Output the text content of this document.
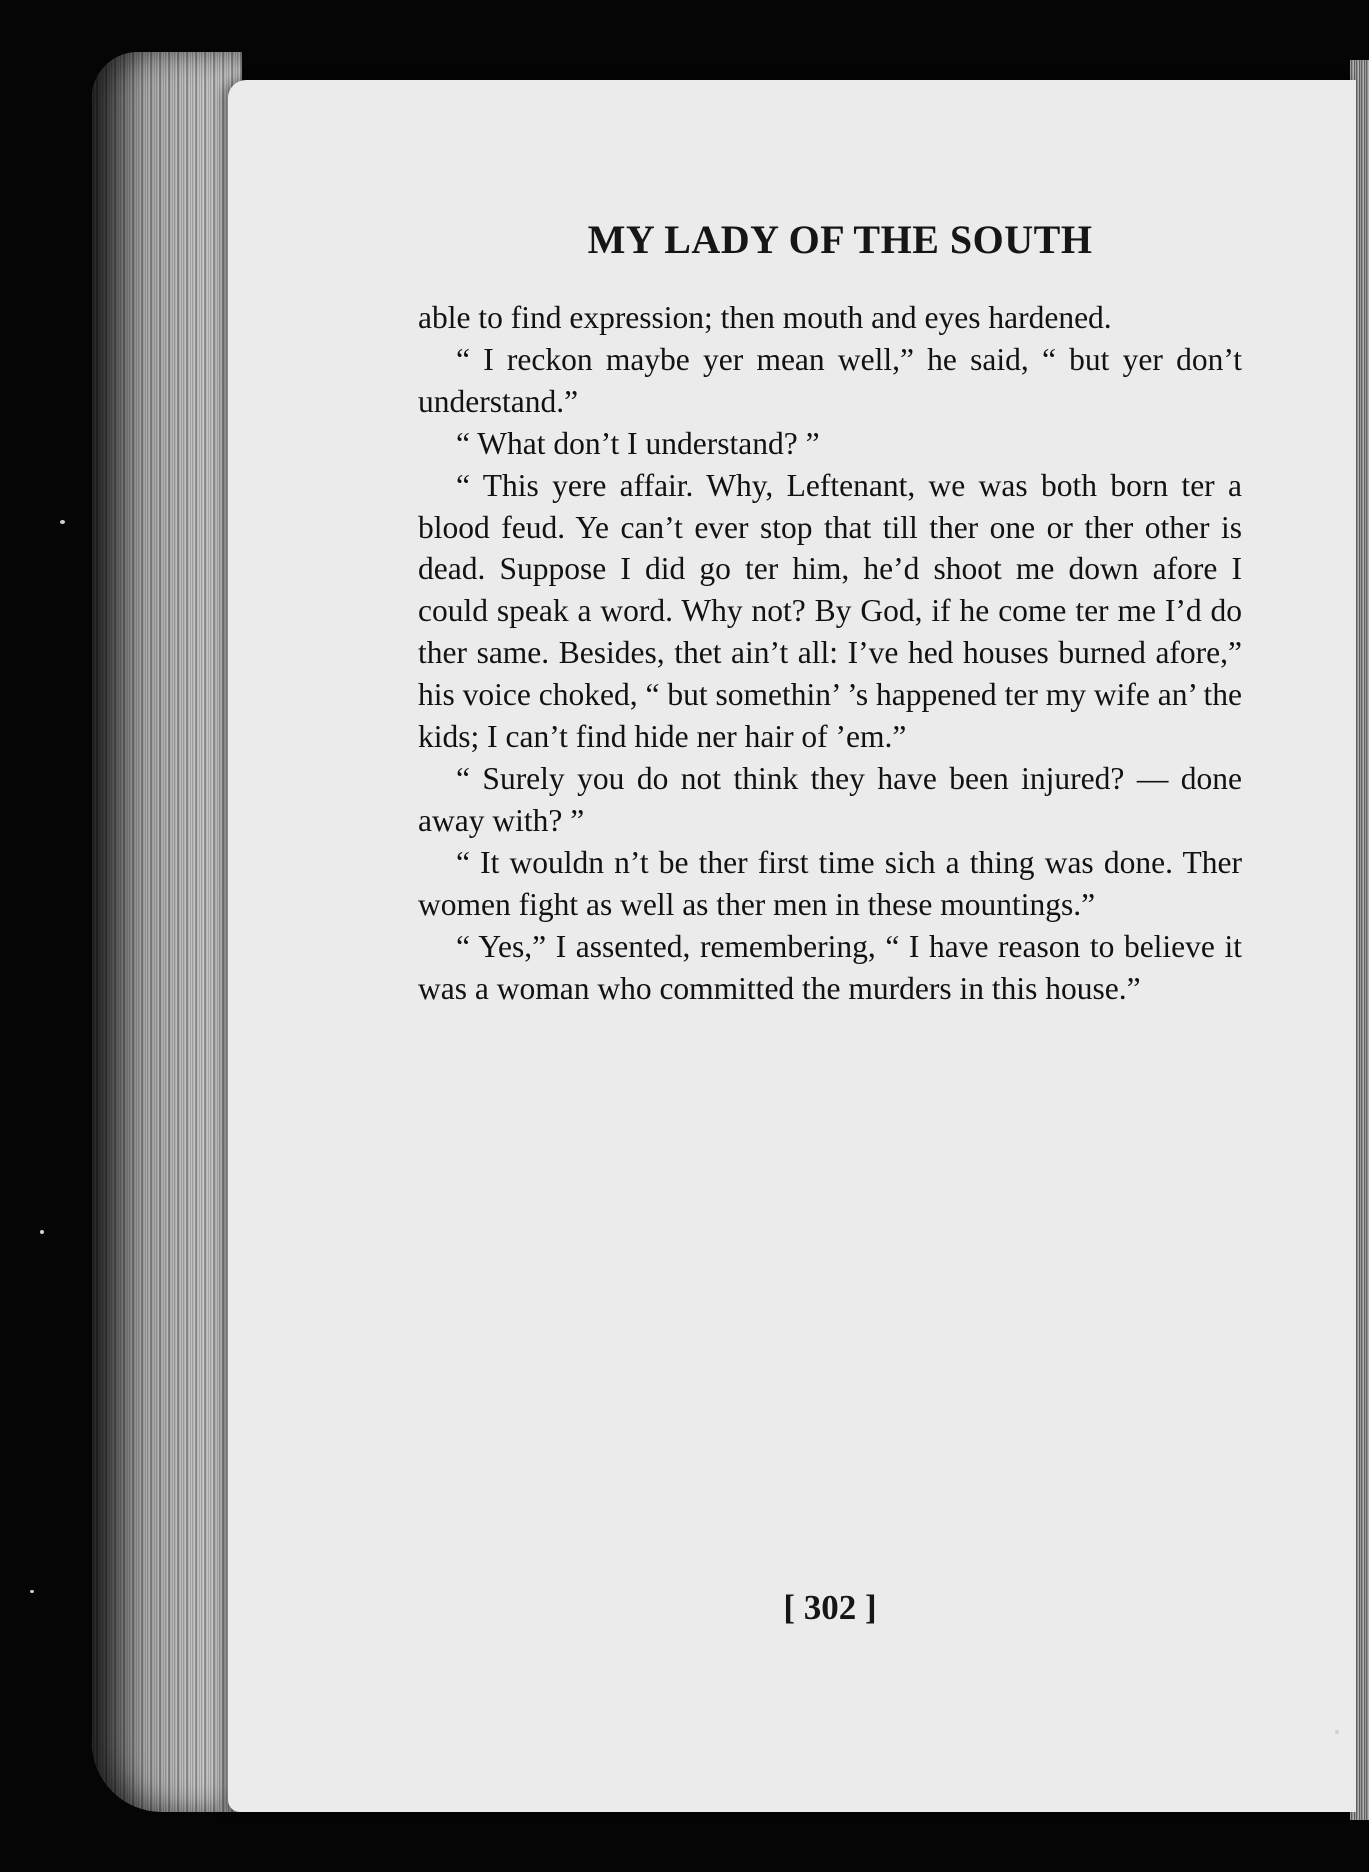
MY LADY OF THE SOUTH

able to find expression; then mouth and eyes hardened.

“ I reckon maybe yer mean well,” he said, “ but yer don’t understand.”

“ What don’t I understand? ”

“ This yere affair. Why, Leftenant, we was both born ter a blood feud. Ye can’t ever stop that till ther one or ther other is dead. Suppose I did go ter him, he’d shoot me down afore I could speak a word. Why not? By God, if he come ter me I’d do ther same. Besides, thet ain’t all: I’ve hed houses burned afore,” his voice choked, “ but somethin’ ’s happened ter my wife an’ the kids; I can’t find hide ner hair of ’em.”

“ Surely you do not think they have been injured? — done away with? ”

“ It wouldn n’t be ther first time sich a thing was done. Ther women fight as well as ther men in these mountings.”

“ Yes,” I assented, remembering, “ I have reason to believe it was a woman who committed the murders in this house.”

[ 302 ]
